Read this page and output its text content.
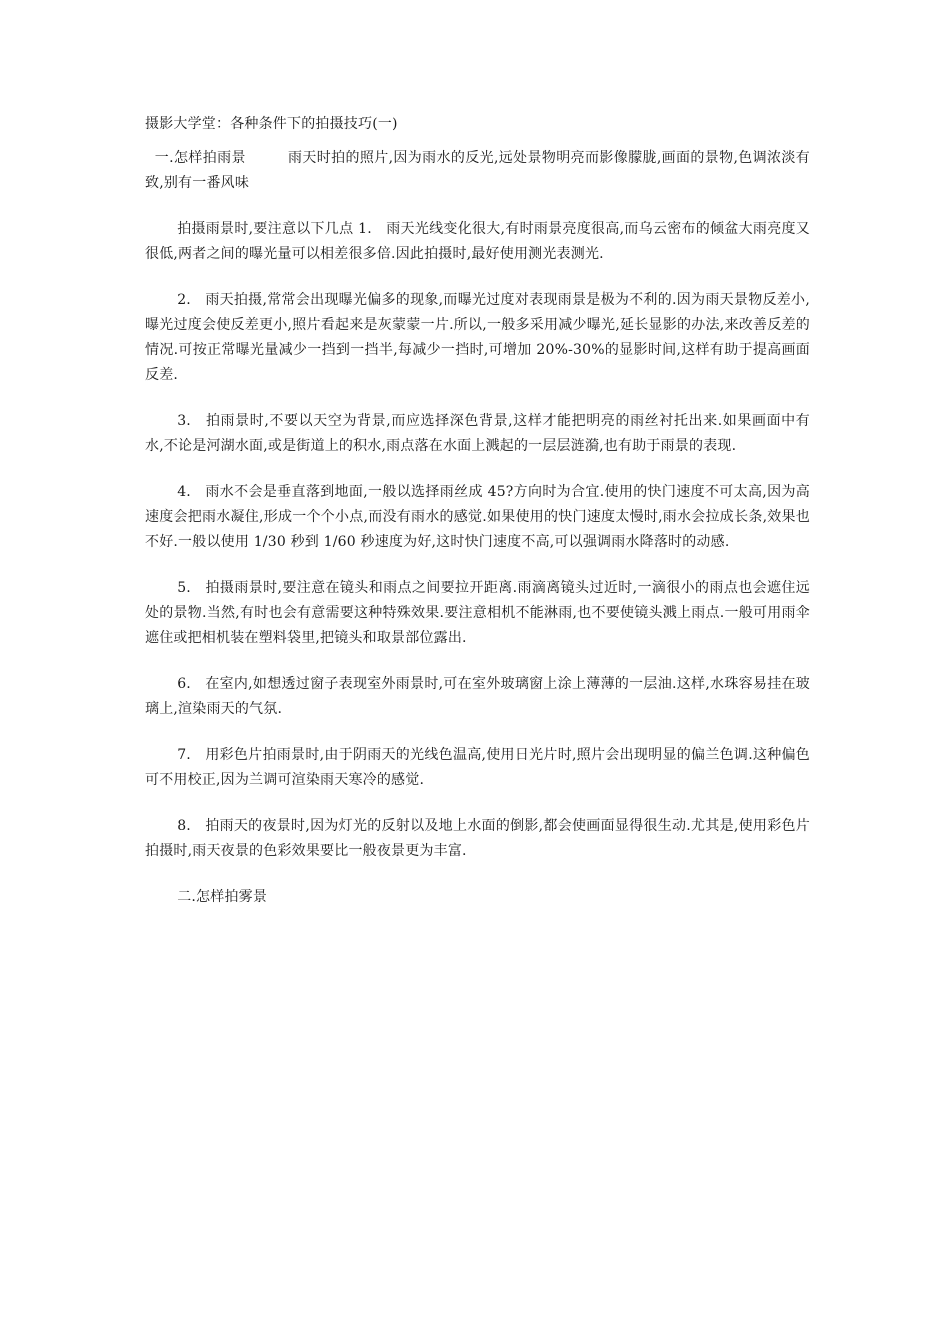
摄影大学堂：各种条件下的拍摄技巧(一)

一.怎样拍雨景	雨天时拍的照片,因为雨水的反光,远处景物明亮而影像朦胧,画面的景物,色调浓淡有致,别有一番风味

拍摄雨景时,要注意以下几点 1.　雨天光线变化很大,有时雨景亮度很高,而乌云密布的倾盆大雨亮度又很低,两者之间的曝光量可以相差很多倍.因此拍摄时,最好使用测光表测光.

2.　雨天拍摄,常常会出现曝光偏多的现象,而曝光过度对表现雨景是极为不利的.因为雨天景物反差小,曝光过度会使反差更小,照片看起来是灰蒙蒙一片.所以,一般多采用减少曝光,延长显影的办法,来改善反差的情况.可按正常曝光量减少一挡到一挡半,每减少一挡时,可增加 20%-30%的显影时间,这样有助于提高画面反差.

3.　拍雨景时,不要以天空为背景,而应选择深色背景,这样才能把明亮的雨丝衬托出来.如果画面中有水,不论是河湖水面,或是街道上的积水,雨点落在水面上溅起的一层层涟漪,也有助于雨景的表现.

4.　雨水不会是垂直落到地面,一般以选择雨丝成 45?方向时为合宜.使用的快门速度不可太高,因为高速度会把雨水凝住,形成一个个小点,而没有雨水的感觉.如果使用的快门速度太慢时,雨水会拉成长条,效果也不好.一般以使用 1/30 秒到 1/60 秒速度为好,这时快门速度不高,可以强调雨水降落时的动感.

5.　拍摄雨景时,要注意在镜头和雨点之间要拉开距离.雨滴离镜头过近时,一滴很小的雨点也会遮住远处的景物.当然,有时也会有意需要这种特殊效果.要注意相机不能淋雨,也不要使镜头溅上雨点.一般可用雨伞遮住或把相机装在塑料袋里,把镜头和取景部位露出.

6.　在室内,如想透过窗子表现室外雨景时,可在室外玻璃窗上涂上薄薄的一层油.这样,水珠容易挂在玻璃上,渲染雨天的气氛.

7.　用彩色片拍雨景时,由于阴雨天的光线色温高,使用日光片时,照片会出现明显的偏兰色调.这种偏色可不用校正,因为兰调可渲染雨天寒冷的感觉.

8.　拍雨天的夜景时,因为灯光的反射以及地上水面的倒影,都会使画面显得很生动.尤其是,使用彩色片拍摄时,雨天夜景的色彩效果要比一般夜景更为丰富.

二.怎样拍雾景
